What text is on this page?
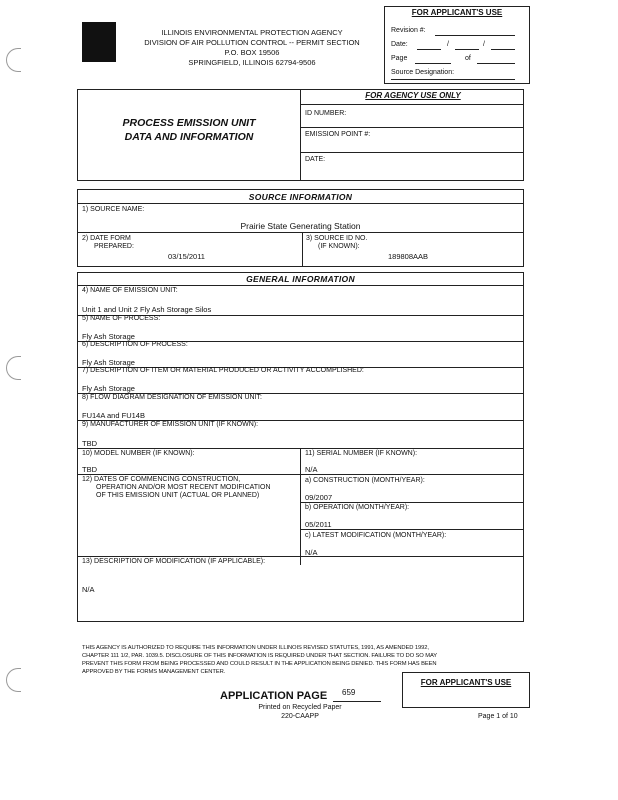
ILLINOIS ENVIRONMENTAL PROTECTION AGENCY
DIVISION OF AIR POLLUTION CONTROL -- PERMIT SECTION
P.O. BOX 19506
SPRINGFIELD, ILLINOIS 62794-9506
FOR APPLICANT'S USE
Revision #:
Date:	/	/
Page	of
Source Designation:
PROCESS EMISSION UNIT
DATA AND INFORMATION
FOR AGENCY USE ONLY
ID NUMBER:
EMISSION POINT #:
DATE:
SOURCE INFORMATION
1) SOURCE NAME:
Prairie State Generating Station
2) DATE FORM
PREPARED:
03/15/2011
3) SOURCE ID NO.
(IF KNOWN):
189808AAB
GENERAL INFORMATION
4) NAME OF EMISSION UNIT:
Unit 1 and Unit 2 Fly Ash Storage Silos
5) NAME OF PROCESS:
Fly Ash Storage
6) DESCRIPTION OF PROCESS:
Fly Ash Storage
7) DESCRIPTION OF ITEM OR MATERIAL PRODUCED OR ACTIVITY ACCOMPLISHED:
Fly Ash Storage
8) FLOW DIAGRAM DESIGNATION OF EMISSION UNIT:
FU14A and FU14B
9) MANUFACTURER OF EMISSION UNIT (IF KNOWN):
TBD
10) MODEL NUMBER (IF KNOWN):
TBD
11) SERIAL NUMBER (IF KNOWN):
N/A
12) DATES OF COMMENCING CONSTRUCTION,
OPERATION AND/OR MOST RECENT MODIFICATION
OF THIS EMISSION UNIT (ACTUAL OR PLANNED)
a) CONSTRUCTION (MONTH/YEAR):
09/2007
b) OPERATION (MONTH/YEAR):
05/2011
c) LATEST MODIFICATION (MONTH/YEAR):
N/A
13) DESCRIPTION OF MODIFICATION (IF APPLICABLE):
N/A
THIS AGENCY IS AUTHORIZED TO REQUIRE THIS INFORMATION UNDER ILLINOIS REVISED STATUTES, 1991, AS AMENDED 1992,
CHAPTER 111 1/2, PAR. 1039.5. DISCLOSURE OF THIS INFORMATION IS REQUIRED UNDER THAT SECTION. FAILURE TO DO SO MAY
PREVENT THIS FORM FROM BEING PROCESSED AND COULD RESULT IN THE APPLICATION BEING DENIED. THIS FORM HAS BEEN
APPROVED BY THE FORMS MANAGEMENT CENTER.
FOR APPLICANT'S USE
APPLICATION PAGE 659
Printed on Recycled Paper
220-CAAPP	Page 1 of 10
